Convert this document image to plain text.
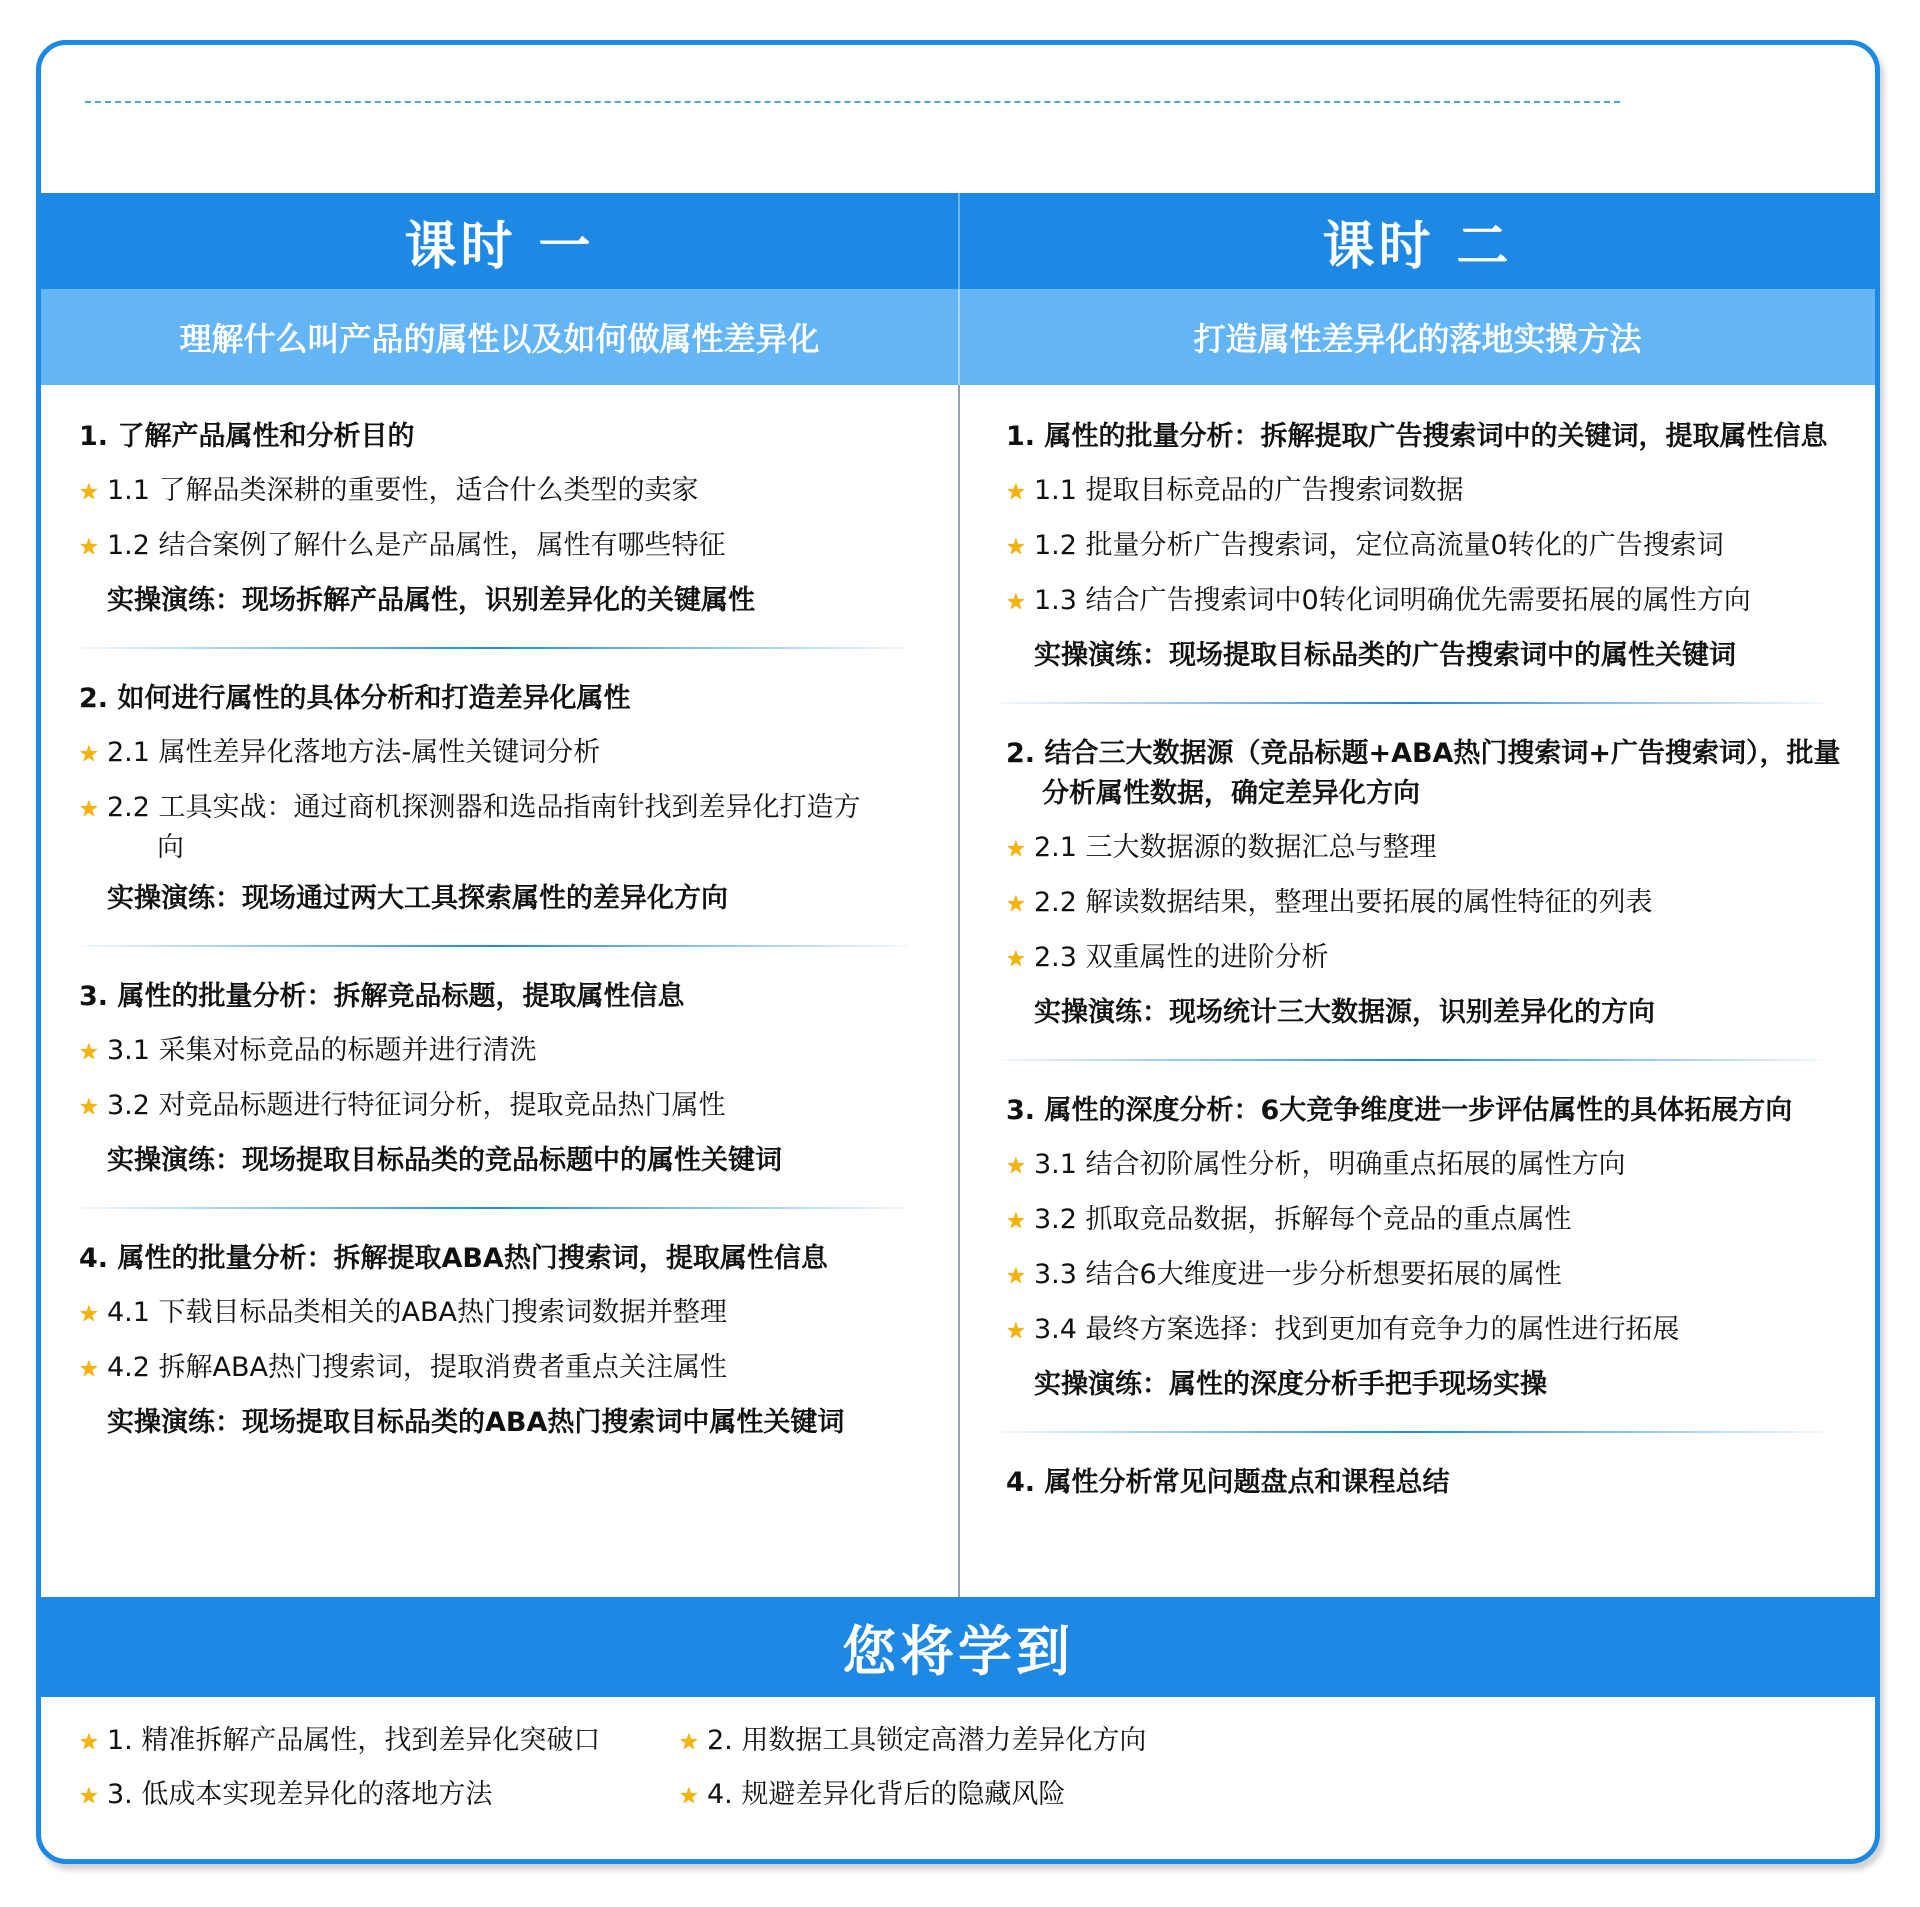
课时 一	课时 二
理解什么叫产品的属性以及如何做属性差异化	打造属性差异化的落地实操方法
1. 了解产品属性和分析目的
★ 1.1 了解品类深耕的重要性，适合什么类型的卖家
★ 1.2 结合案例了解什么是产品属性，属性有哪些特征
实操演练：现场拆解产品属性，识别差异化的关键属性
2. 如何进行属性的具体分析和打造差异化属性
★ 2.1 属性差异化落地方法-属性关键词分析
★ 2.2 工具实战：通过商机探测器和选品指南针找到差异化打造方向
实操演练：现场通过两大工具探索属性的差异化方向
3. 属性的批量分析：拆解竞品标题，提取属性信息
★ 3.1 采集对标竞品的标题并进行清洗
★ 3.2 对竞品标题进行特征词分析，提取竞品热门属性
实操演练：现场提取目标品类的竞品标题中的属性关键词
4. 属性的批量分析：拆解提取ABA热门搜索词，提取属性信息
★ 4.1 下载目标品类相关的ABA热门搜索词数据并整理
★ 4.2 拆解ABA热门搜索词，提取消费者重点关注属性
实操演练：现场提取目标品类的ABA热门搜索词中属性关键词
1. 属性的批量分析：拆解提取广告搜索词中的关键词，提取属性信息
★ 1.1 提取目标竞品的广告搜索词数据
★ 1.2 批量分析广告搜索词，定位高流量0转化的广告搜索词
★ 1.3 结合广告搜索词中0转化词明确优先需要拓展的属性方向
实操演练：现场提取目标品类的广告搜索词中的属性关键词
2. 结合三大数据源（竞品标题+ABA热门搜索词+广告搜索词），批量分析属性数据，确定差异化方向
★ 2.1 三大数据源的数据汇总与整理
★ 2.2 解读数据结果，整理出要拓展的属性特征的列表
★ 2.3 双重属性的进阶分析
实操演练：现场统计三大数据源，识别差异化的方向
3. 属性的深度分析：6大竞争维度进一步评估属性的具体拓展方向
★ 3.1 结合初阶属性分析，明确重点拓展的属性方向
★ 3.2 抓取竞品数据，拆解每个竞品的重点属性
★ 3.3 结合6大维度进一步分析想要拓展的属性
★ 3.4 最终方案选择：找到更加有竞争力的属性进行拓展
实操演练：属性的深度分析手把手现场实操
4. 属性分析常见问题盘点和课程总结
您将学到
★ 1. 精准拆解产品属性，找到差异化突破口	★ 2. 用数据工具锁定高潜力差异化方向
★ 3. 低成本实现差异化的落地方法	★ 4. 规避差异化背后的隐藏风险
